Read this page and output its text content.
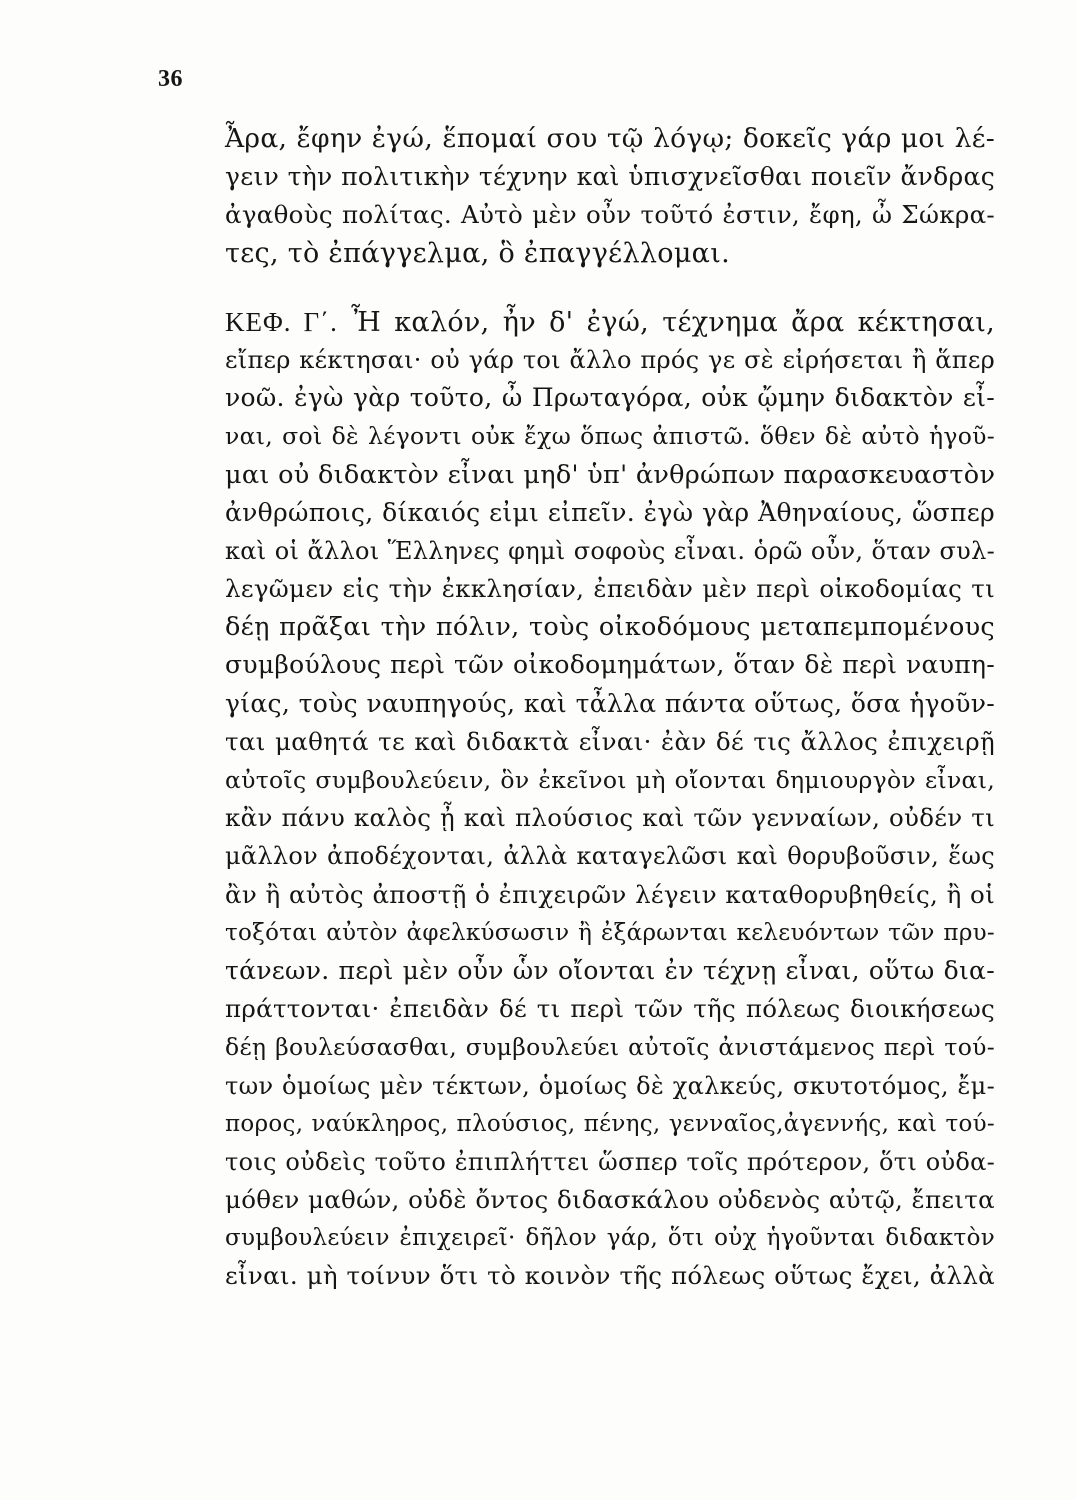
36

Ἆρα, ἔφην ἐγώ, ἕπομαί σου τῷ λόγῳ; δοκεῖς γάρ μοι λέ-
γειν τὴν πολιτικὴν τέχνην καὶ ὑπισχνεῖσθαι ποιεῖν ἄνδρας
ἀγαθοὺς πολίτας. Αὐτὸ μὲν οὖν τοῦτό ἐστιν, ἔφη, ὦ Σώκρα-
τες, τὸ ἐπάγγελμα, ὃ ἐπαγγέλλομαι.

ΚΕΦ. Γ΄. Ἦ καλόν, ἦν δ' ἐγώ, τέχνημα ἄρα κέκτησαι,
εἴπερ κέκτησαι· οὐ γάρ τοι ἄλλο πρός γε σὲ εἰρήσεται ἢ ἅπερ
νοῶ. ἐγὼ γὰρ τοῦτο, ὦ Πρωταγόρα, οὐκ ᾤμην διδακτὸν εἶ-
ναι, σοὶ δὲ λέγοντι οὐκ ἔχω ὅπως ἀπιστῶ. ὅθεν δὲ αὐτὸ ἡγοῦ-
μαι οὐ διδακτὸν εἶναι μηδ' ὑπ' ἀνθρώπων παρασκευαστὸν
ἀνθρώποις, δίκαιός εἰμι εἰπεῖν. ἐγὼ γὰρ Ἀθηναίους, ὥσπερ
καὶ οἱ ἄλλοι Ἕλληνες φημὶ σοφοὺς εἶναι. ὁρῶ οὖν, ὅταν συλ-
λεγῶμεν εἰς τὴν ἐκκλησίαν, ἐπειδὰν μὲν περὶ οἰκοδομίας τι
δέῃ πρᾶξαι τὴν πόλιν, τοὺς οἰκοδόμους μεταπεμπομένους
συμβούλους περὶ τῶν οἰκοδομημάτων, ὅταν δὲ περὶ ναυπη-
γίας, τοὺς ναυπηγούς, καὶ τἆλλα πάντα οὕτως, ὅσα ἡγοῦν-
ται μαθητά τε καὶ διδακτὰ εἶναι· ἐὰν δέ τις ἄλλος ἐπιχειρῇ
αὐτοῖς συμβουλεύειν, ὃν ἐκεῖνοι μὴ οἴονται δημιουργὸν εἶναι,
κἂν πάνυ καλὸς ᾖ καὶ πλούσιος καὶ τῶν γενναίων, οὐδέν τι
μᾶλλον ἀποδέχονται, ἀλλὰ καταγελῶσι καὶ θορυβοῦσιν, ἕως
ἂν ἢ αὐτὸς ἀποστῇ ὁ ἐπιχειρῶν λέγειν καταθορυβηθείς, ἢ οἱ
τοξόται αὐτὸν ἀφελκύσωσιν ἢ ἐξάρωνται κελευόντων τῶν πρυ-
τάνεων. περὶ μὲν οὖν ὧν οἴονται ἐν τέχνῃ εἶναι, οὕτω δια-
πράττονται· ἐπειδὰν δέ τι περὶ τῶν τῆς πόλεως διοικήσεως
δέῃ βουλεύσασθαι, συμβουλεύει αὐτοῖς ἀνιστάμενος περὶ τού-
των ὁμοίως μὲν τέκτων, ὁμοίως δὲ χαλκεύς, σκυτοτόμος, ἔμ-
πορος, ναύκληρος, πλούσιος, πένης, γενναῖος,ἀγεννής, καὶ τού-
τοις οὐδεὶς τοῦτο ἐπιπλήττει ὥσπερ τοῖς πρότερον, ὅτι οὐδα-
μόθεν μαθών, οὐδὲ ὄντος διδασκάλου οὐδενὸς αὐτῷ, ἔπειτα
συμβουλεύειν ἐπιχειρεῖ· δῆλον γάρ, ὅτι οὐχ ἡγοῦνται διδακτὸν
εἶναι. μὴ τοίνυν ὅτι τὸ κοινὸν τῆς πόλεως οὕτως ἔχει, ἀλλὰ
